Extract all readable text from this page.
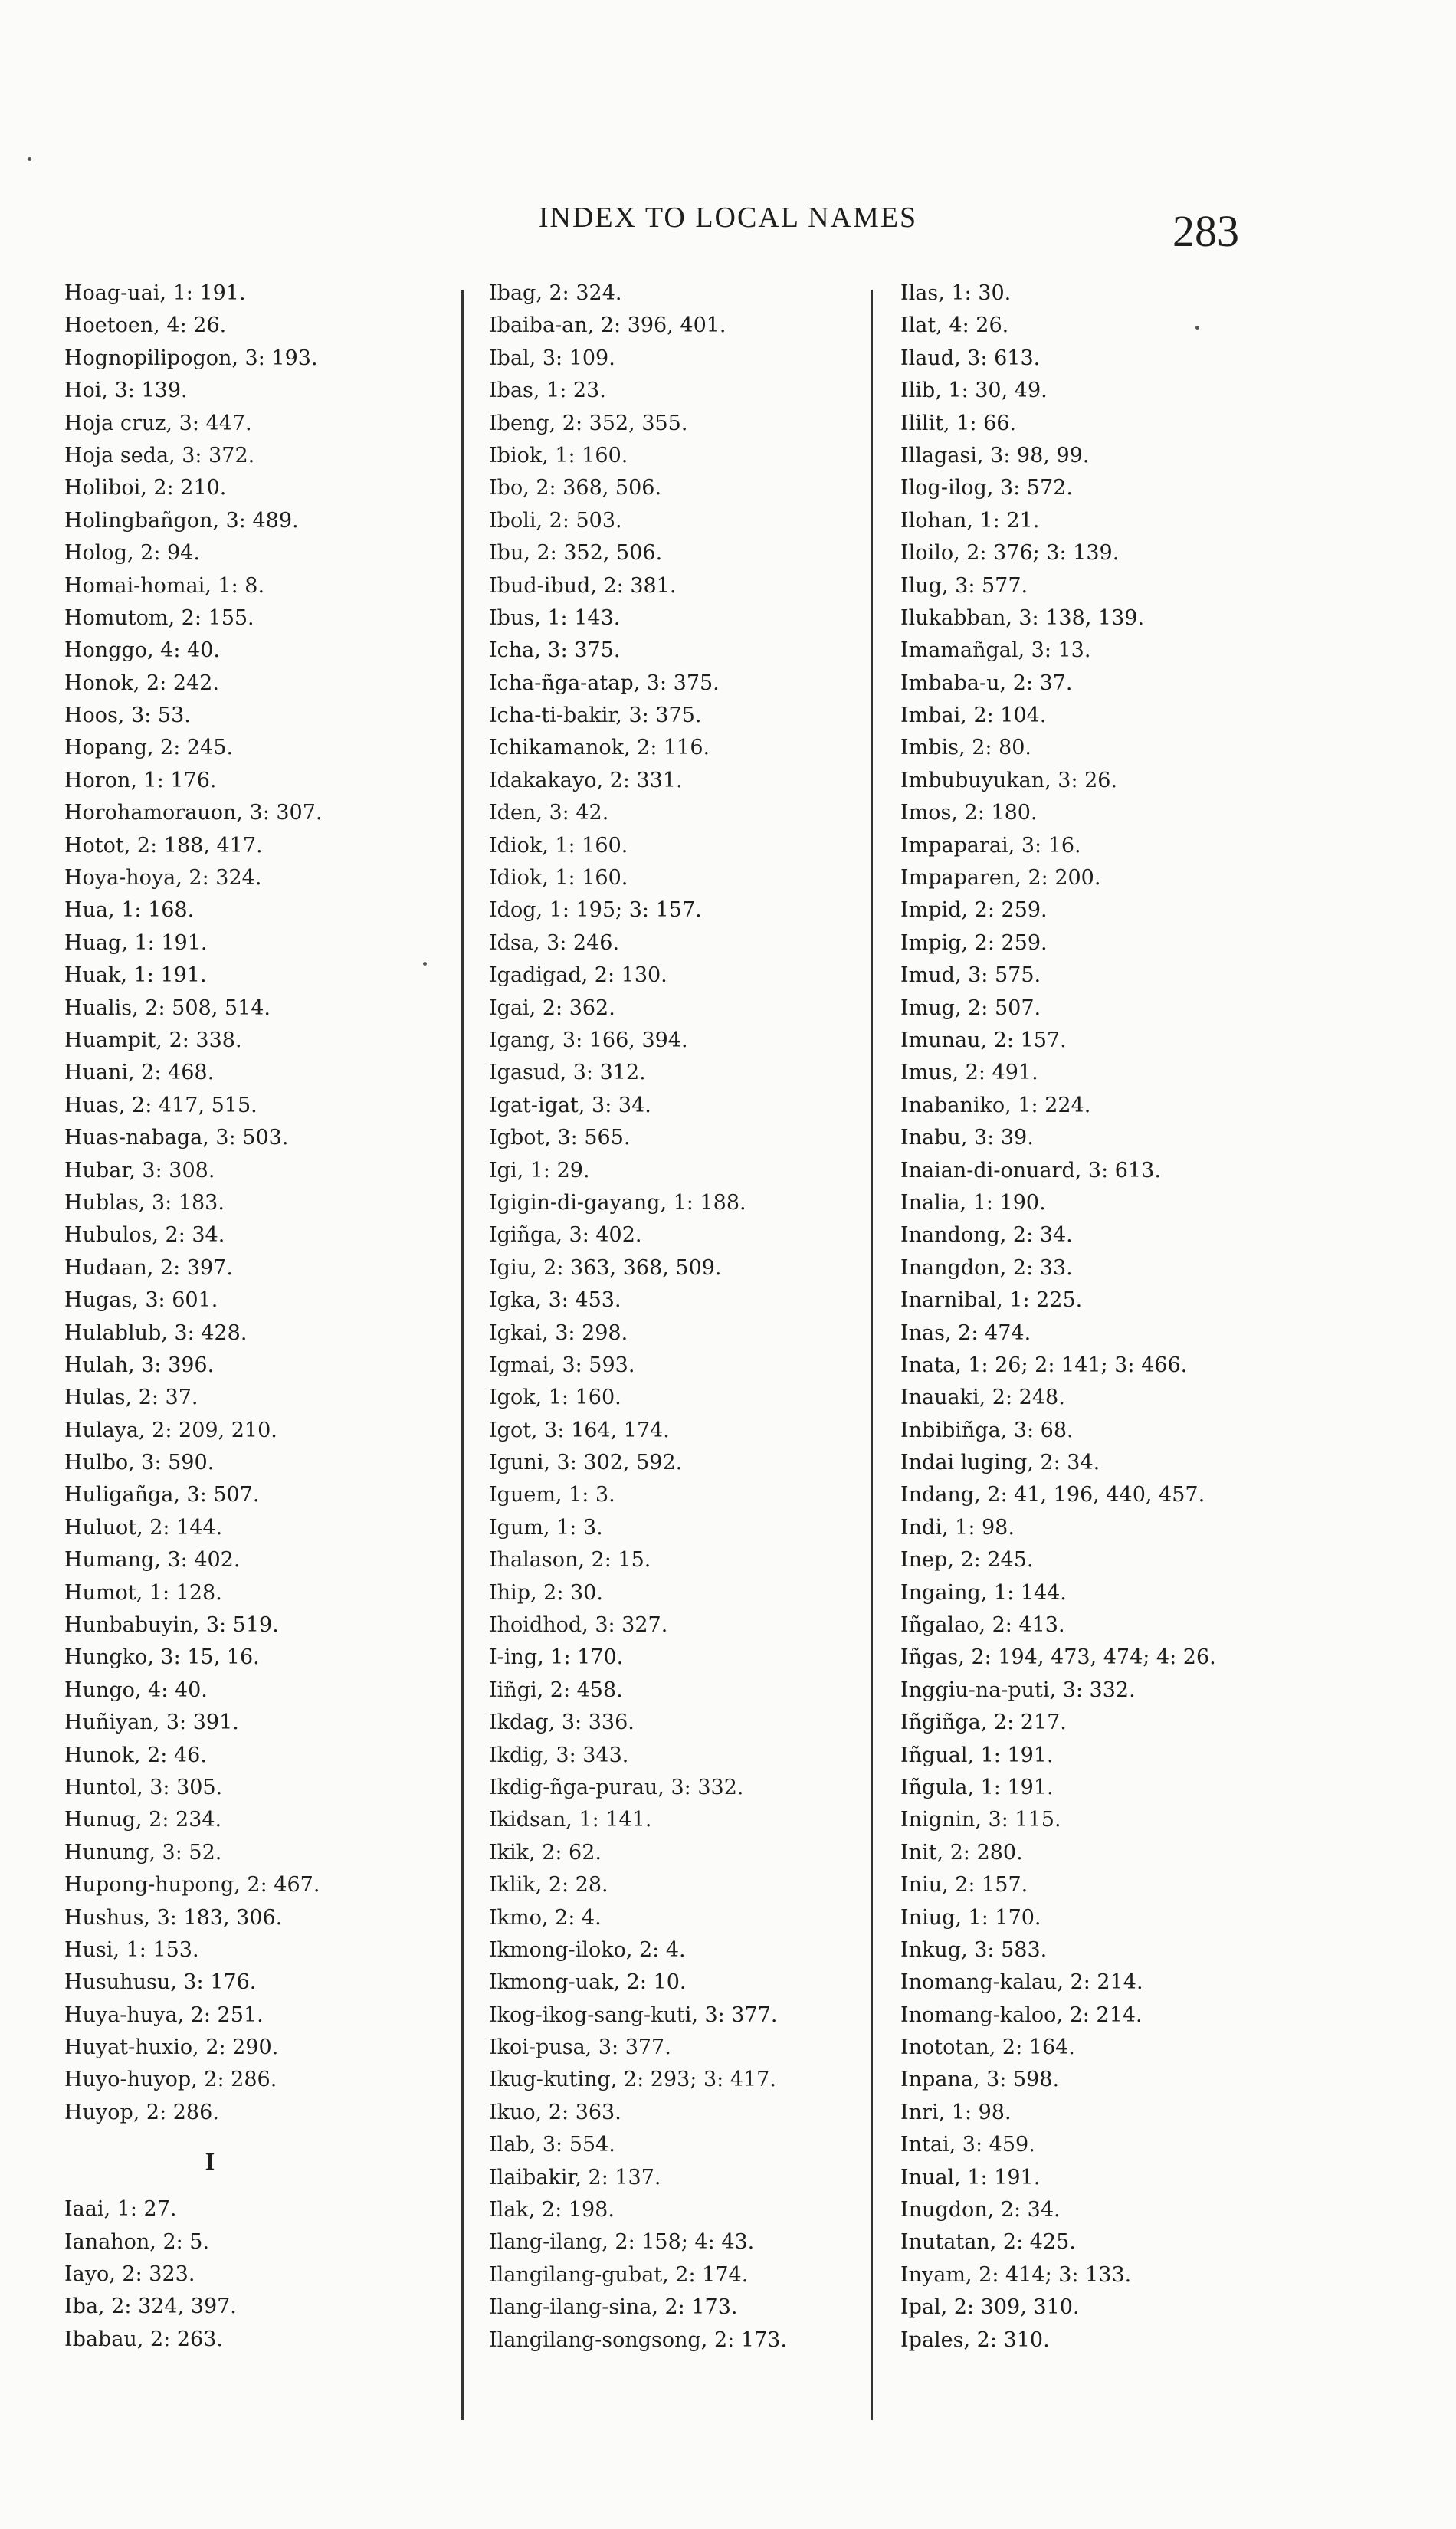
INDEX TO LOCAL NAMES	283
Hoag-uai, 1: 191.
Hoetoen, 4: 26.
Hognopilipogon, 3: 193.
Hoi, 3: 139.
Hoja cruz, 3: 447.
Hoja seda, 3: 372.
Holiboi, 2: 210.
Holingbañgon, 3: 489.
Holog, 2: 94.
Homai-homai, 1: 8.
Homutom, 2: 155.
Honggo, 4: 40.
Honok, 2: 242.
Hoos, 3: 53.
Hopang, 2: 245.
Horon, 1: 176.
Horohamorauon, 3: 307.
Hotot, 2: 188, 417.
Hoya-hoya, 2: 324.
Hua, 1: 168.
Huag, 1: 191.
Huak, 1: 191.
Hualis, 2: 508, 514.
Huampit, 2: 338.
Huani, 2: 468.
Huas, 2: 417, 515.
Huas-nabaga, 3: 503.
Hubar, 3: 308.
Hublas, 3: 183.
Hubulos, 2: 34.
Hudaan, 2: 397.
Hugas, 3: 601.
Hulablub, 3: 428.
Hulah, 3: 396.
Hulas, 2: 37.
Hulaya, 2: 209, 210.
Hulbo, 3: 590.
Huligañga, 3: 507.
Huluot, 2: 144.
Humang, 3: 402.
Humot, 1: 128.
Hunbabuyin, 3: 519.
Hungko, 3: 15, 16.
Hungo, 4: 40.
Huñiyan, 3: 391.
Hunok, 2: 46.
Huntol, 3: 305.
Hunug, 2: 234.
Hunung, 3: 52.
Hupong-hupong, 2: 467.
Hushus, 3: 183, 306.
Husi, 1: 153.
Husuhusu, 3: 176.
Huya-huya, 2: 251.
Huyat-huxio, 2: 290.
Huyo-huyop, 2: 286.
Huyop, 2: 286.
I
Iaai, 1: 27.
Ianahon, 2: 5.
Iayo, 2: 323.
Iba, 2: 324, 397.
Ibabau, 2: 263.
Ibag, 2: 324.
Ibaiba-an, 2: 396, 401.
Ibal, 3: 109.
Ibas, 1: 23.
Ibeng, 2: 352, 355.
Ibiok, 1: 160.
Ibo, 2: 368, 506.
Iboli, 2: 503.
Ibu, 2: 352, 506.
Ibud-ibud, 2: 381.
Ibus, 1: 143.
Icha, 3: 375.
Icha-ñga-atap, 3: 375.
Icha-ti-bakir, 3: 375.
Ichikamanok, 2: 116.
Idakakayo, 2: 331.
Iden, 3: 42.
Idiok, 1: 160.
Idiok, 1: 160.
Idog, 1: 195; 3: 157.
Idsa, 3: 246.
Igadigad, 2: 130.
Igai, 2: 362.
Igang, 3: 166, 394.
Igasud, 3: 312.
Igat-igat, 3: 34.
Igbot, 3: 565.
Igi, 1: 29.
Igigin-di-gayang, 1: 188.
Igiñga, 3: 402.
Igiu, 2: 363, 368, 509.
Igka, 3: 453.
Igkai, 3: 298.
Igmai, 3: 593.
Igok, 1: 160.
Igot, 3: 164, 174.
Iguni, 3: 302, 592.
Iguem, 1: 3.
Igum, 1: 3.
Ihalason, 2: 15.
Ihip, 2: 30.
Ihoidhod, 3: 327.
I-ing, 1: 170.
Iiñgi, 2: 458.
Ikdag, 3: 336.
Ikdig, 3: 343.
Ikdig-ñga-purau, 3: 332.
Ikidsan, 1: 141.
Ikik, 2: 62.
Iklik, 2: 28.
Ikmo, 2: 4.
Ikmong-iloko, 2: 4.
Ikmong-uak, 2: 10.
Ikog-ikog-sang-kuti, 3: 377.
Ikoi-pusa, 3: 377.
Ikug-kuting, 2: 293; 3: 417.
Ikuo, 2: 363.
Ilab, 3: 554.
Ilaibakir, 2: 137.
Ilak, 2: 198.
Ilang-ilang, 2: 158; 4: 43.
Ilangilang-gubat, 2: 174.
Ilang-ilang-sina, 2: 173.
Ilangilang-songsong, 2: 173.
Ilas, 1: 30.
Ilat, 4: 26.
Ilaud, 3: 613.
Ilib, 1: 30, 49.
Ililit, 1: 66.
Illagasi, 3: 98, 99.
Ilog-ilog, 3: 572.
Ilohan, 1: 21.
Iloilo, 2: 376; 3: 139.
Ilug, 3: 577.
Ilukabban, 3: 138, 139.
Imamañgal, 3: 13.
Imbaba-u, 2: 37.
Imbai, 2: 104.
Imbis, 2: 80.
Imbubuyukan, 3: 26.
Imos, 2: 180.
Impaparai, 3: 16.
Impaparen, 2: 200.
Impid, 2: 259.
Impig, 2: 259.
Imud, 3: 575.
Imug, 2: 507.
Imunau, 2: 157.
Imus, 2: 491.
Inabaniko, 1: 224.
Inabu, 3: 39.
Inaian-di-onuard, 3: 613.
Inalia, 1: 190.
Inandong, 2: 34.
Inangdon, 2: 33.
Inarnibal, 1: 225.
Inas, 2: 474.
Inata, 1: 26; 2: 141; 3: 466.
Inauaki, 2: 248.
Inbibiñga, 3: 68.
Indai luging, 2: 34.
Indang, 2: 41, 196, 440, 457.
Indi, 1: 98.
Inep, 2: 245.
Ingaing, 1: 144.
Iñgalao, 2: 413.
Iñgas, 2: 194, 473, 474; 4: 26.
Inggiu-na-puti, 3: 332.
Iñgiñga, 2: 217.
Iñgual, 1: 191.
Iñgula, 1: 191.
Inignin, 3: 115.
Init, 2: 280.
Iniu, 2: 157.
Iniug, 1: 170.
Inkug, 3: 583.
Inomang-kalau, 2: 214.
Inomang-kaloo, 2: 214.
Inototan, 2: 164.
Inpana, 3: 598.
Inri, 1: 98.
Intai, 3: 459.
Inual, 1: 191.
Inugdon, 2: 34.
Inutatan, 2: 425.
Inyam, 2: 414; 3: 133.
Ipal, 2: 309, 310.
Ipales, 2: 310.
